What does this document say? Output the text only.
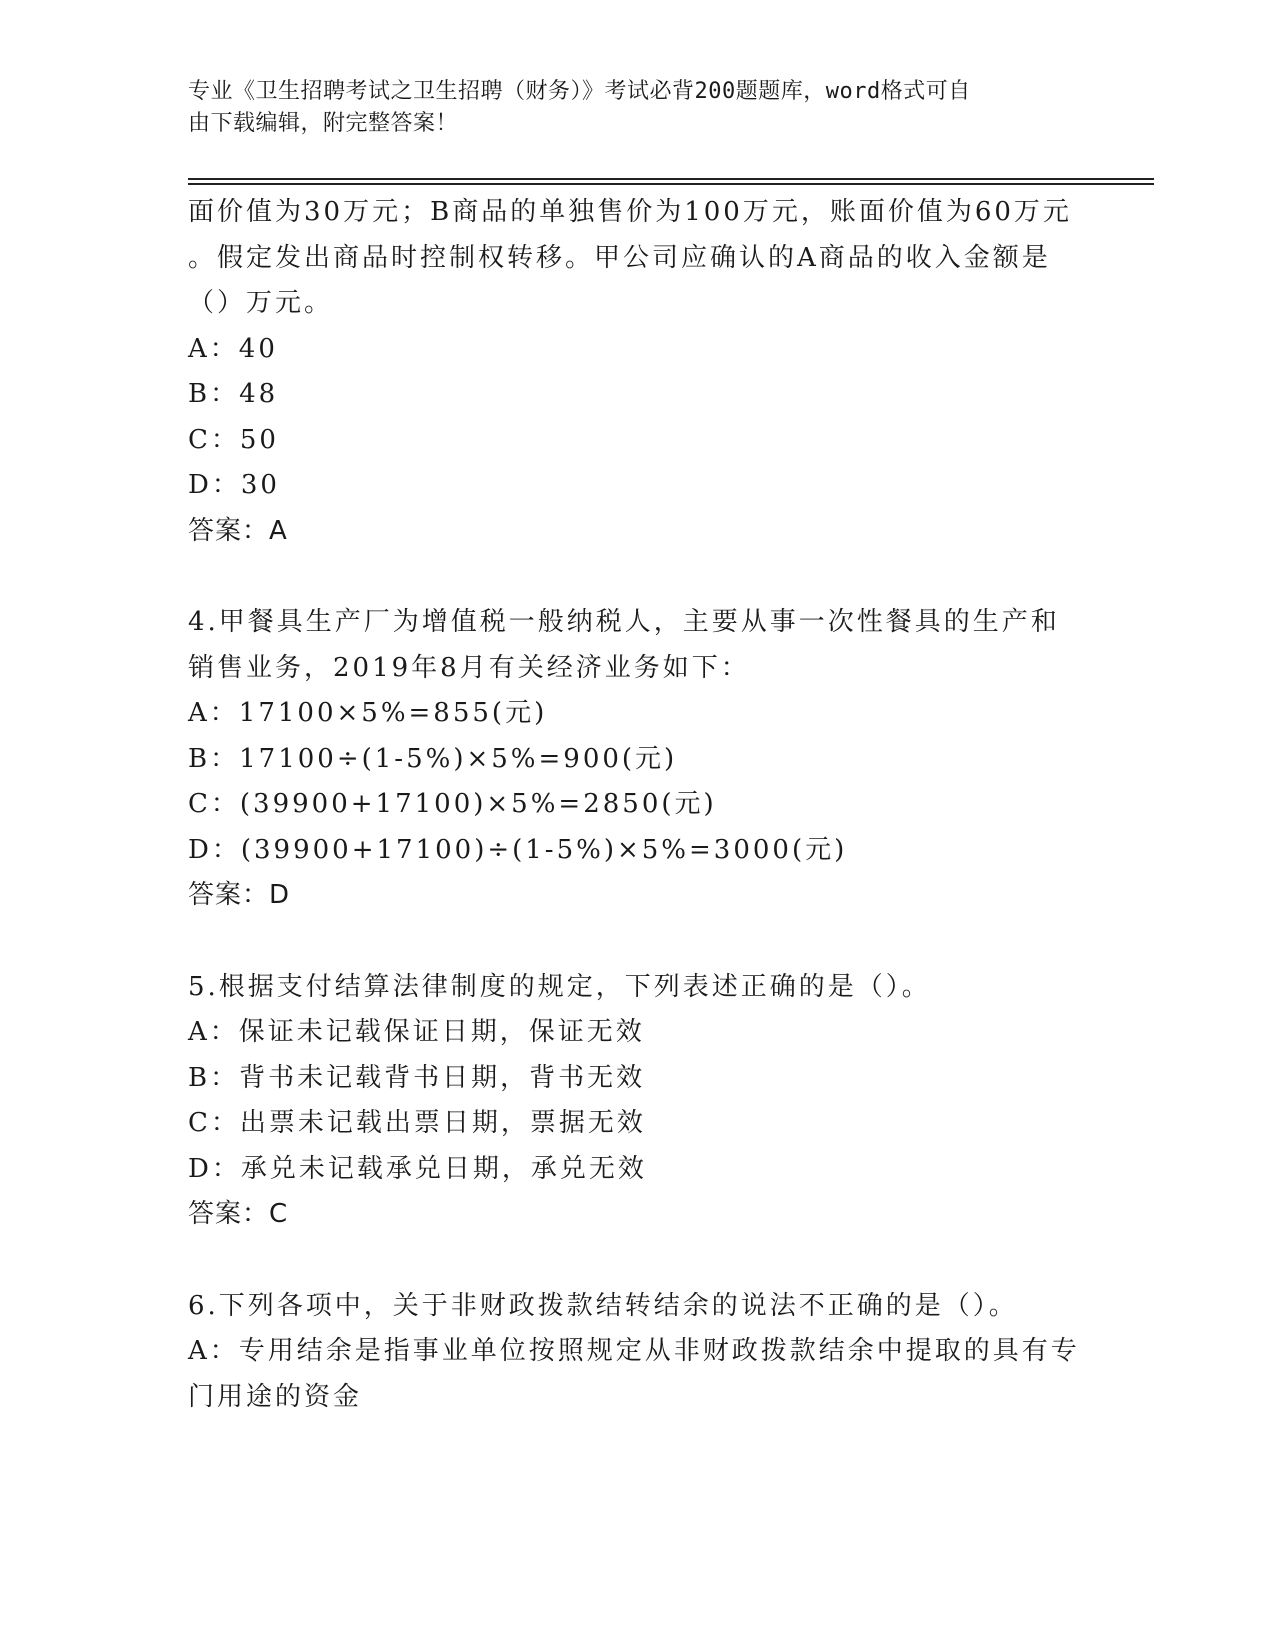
专业《卫生招聘考试之卫生招聘（财务）》考试必背200题题库，word格式可自
由下载编辑，附完整答案！
面价值为30万元；B商品的单独售价为100万元，账面价值为60万元
。假定发出商品时控制权转移。甲公司应确认的A商品的收入金额是
（）万元。
A：40
B：48
C：50
D：30
答案：A
4.甲餐具生产厂为增值税一般纳税人，主要从事一次性餐具的生产和
销售业务，2019年8月有关经济业务如下：
A：17100×5%=855(元)
B：17100÷(1-5%)×5%=900(元)
C：(39900+17100)×5%=2850(元)
D：(39900+17100)÷(1-5%)×5%=3000(元)
答案：D
5.根据支付结算法律制度的规定，下列表述正确的是（）。
A：保证未记载保证日期，保证无效
B：背书未记载背书日期，背书无效
C：出票未记载出票日期，票据无效
D：承兑未记载承兑日期，承兑无效
答案：C
6.下列各项中，关于非财政拨款结转结余的说法不正确的是（）。
A：专用结余是指事业单位按照规定从非财政拨款结余中提取的具有专
门用途的资金
